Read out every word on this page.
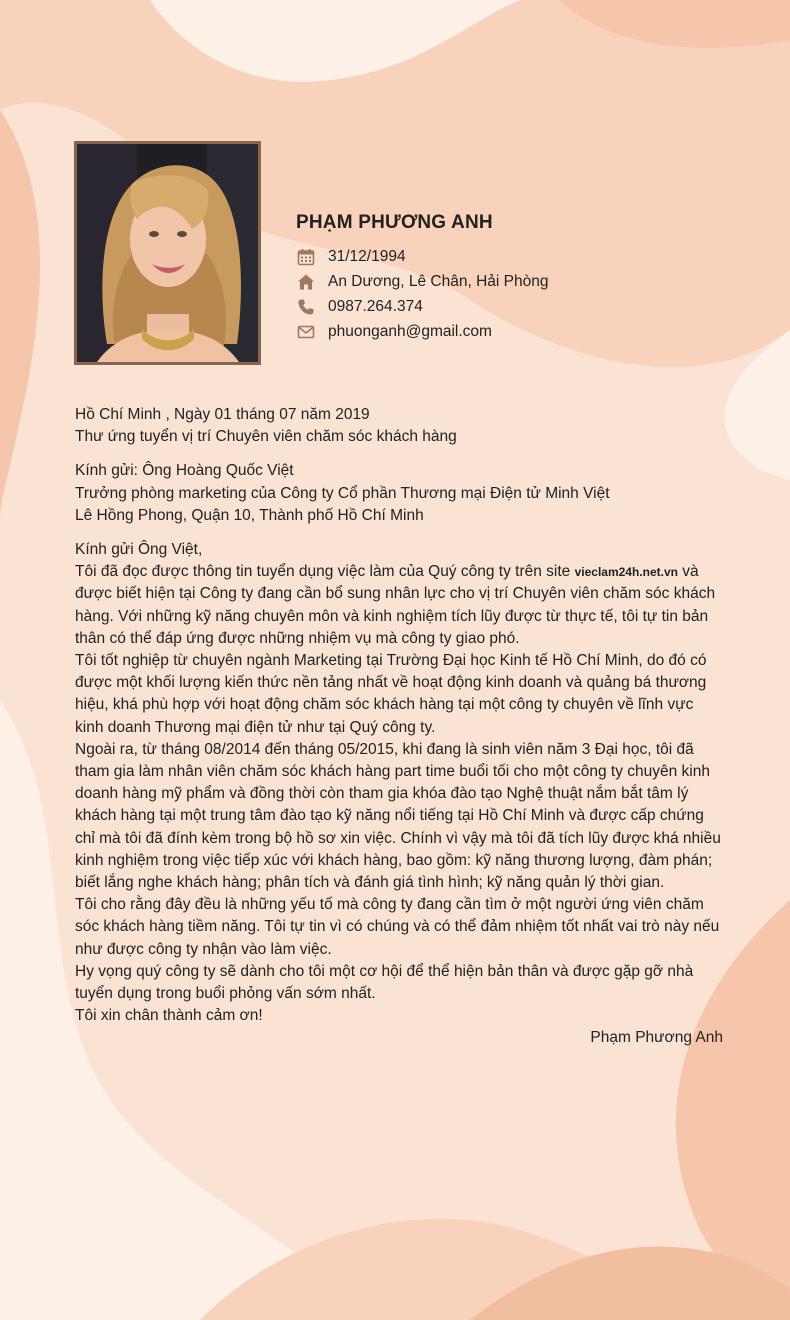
PHẠM PHƯƠNG ANH
31/12/1994
An Dương, Lê Chân, Hải Phòng
0987.264.374
phuonganh@gmail.com

Hồ Chí Minh , Ngày 01 tháng 07 năm 2019

Thư ứng tuyển vị trí Chuyên viên chăm sóc khách hàng

Kính gửi: Ông Hoàng Quốc Việt

Trưởng phòng marketing của Công ty Cổ phần Thương mại Điện tử Minh Việt

Lê Hồng Phong, Quận 10, Thành phố Hồ Chí Minh

Kính gửi Ông Việt,

Tôi đã đọc được thông tin tuyển dụng việc làm của Quý công ty trên site vieclam24h.net.vn và được biết hiện tại Công ty đang cần bổ sung nhân lực cho vị trí Chuyên viên chăm sóc khách hàng. Với những kỹ năng chuyên môn và kinh nghiệm tích lũy được từ thực tế, tôi tự tin bản thân có thể đáp ứng được những nhiệm vụ mà công ty giao phó.

Tôi tốt nghiệp từ chuyên ngành Marketing tại Trường Đại học Kinh tế Hồ Chí Minh, do đó có được một khối lượng kiến thức nền tảng nhất về hoạt động kinh doanh và quảng bá thương hiệu, khá phù hợp với hoạt động chăm sóc khách hàng tại một công ty chuyên về lĩnh vực kinh doanh Thương mại điện tử như tại Quý công ty.

Ngoài ra, từ tháng 08/2014 đến tháng 05/2015, khi đang là sinh viên năm 3 Đại học, tôi đã tham gia làm nhân viên chăm sóc khách hàng part time buổi tối cho một công ty chuyên kinh doanh hàng mỹ phẩm và đồng thời còn tham gia khóa đào tạo Nghệ thuật nắm bắt tâm lý khách hàng tại một trung tâm đào tạo kỹ năng nổi tiếng tại Hồ Chí Minh và được cấp chứng chỉ mà tôi đã đính kèm trong bộ hồ sơ xin việc. Chính vì vậy mà tôi đã tích lũy được khá nhiều kinh nghiệm trong việc tiếp xúc với khách hàng, bao gồm: kỹ năng thương lượng, đàm phán; biết lắng nghe khách hàng; phân tích và đánh giá tình hình; kỹ năng quản lý thời gian.

Tôi cho rằng đây đều là những yếu tố mà công ty đang cần tìm ở một người ứng viên chăm sóc khách hàng tiềm năng. Tôi tự tin vì có chúng và có thể đảm nhiệm tốt nhất vai trò này nếu như được công ty nhận vào làm việc.

Hy vọng quý công ty sẽ dành cho tôi một cơ hội để thể hiện bản thân và được gặp gỡ nhà tuyển dụng trong buổi phỏng vấn sớm nhất.

Tôi xin chân thành cảm ơn!

Phạm Phương Anh
